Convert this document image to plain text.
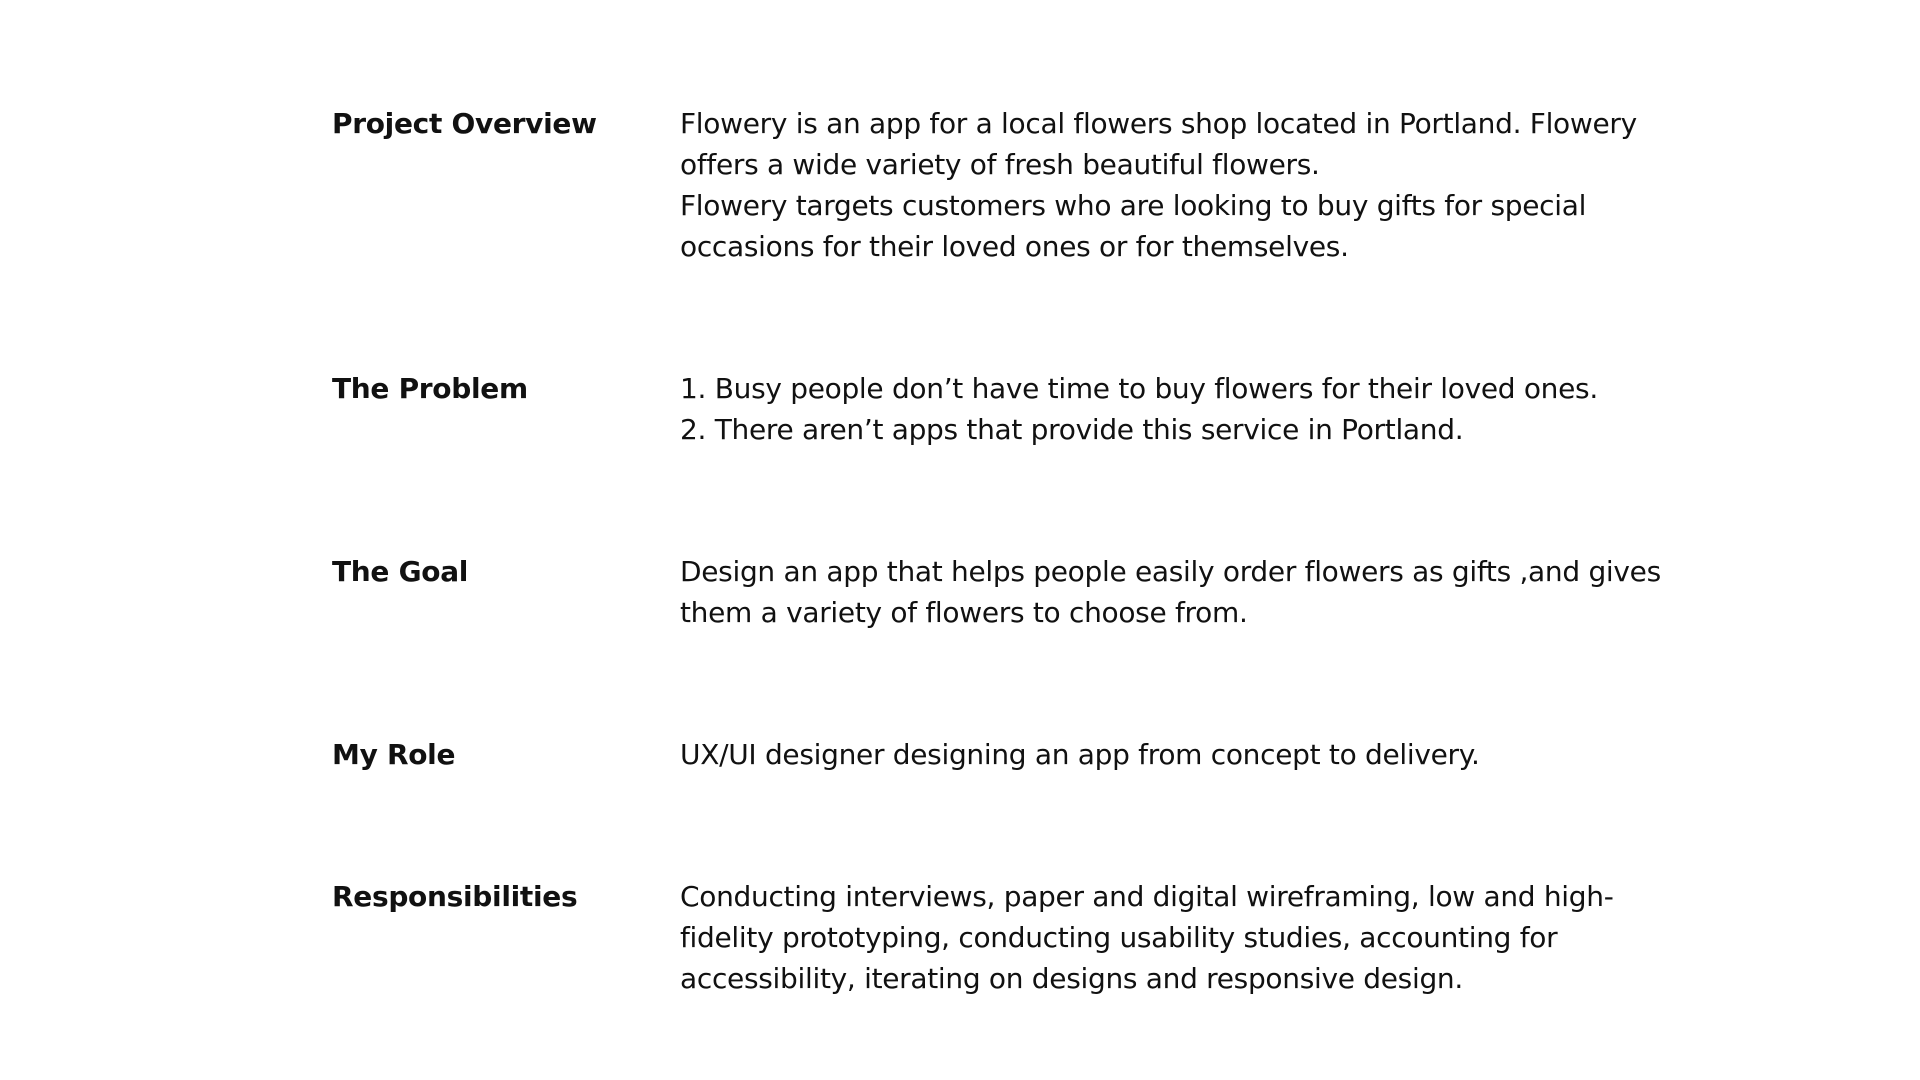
Project Overview	Flowery is an app for a local flowers shop located in Portland. Flowery
offers a wide variety of fresh beautiful flowers.
Flowery targets customers who are looking to buy gifts for special
occasions for their loved ones or for themselves.
The Problem	1. Busy people don’t have time to buy flowers for their loved ones.
2. There aren’t apps that provide this service in Portland.
The Goal	Design an app that helps people easily order flowers as gifts ,and gives
them a variety of flowers to choose from.
My Role	UX/UI designer designing an app from concept to delivery.
Responsibilities	Conducting interviews, paper and digital wireframing, low and high-
fidelity prototyping, conducting usability studies, accounting for
accessibility, iterating on designs and responsive design.
